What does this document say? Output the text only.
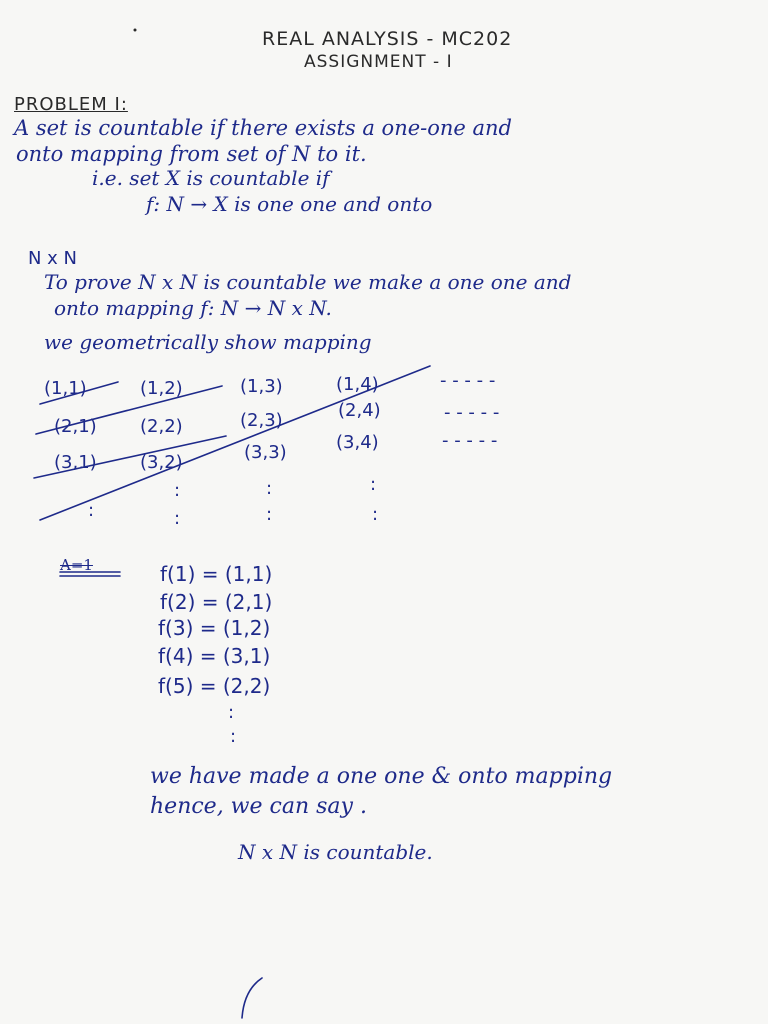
REAL ANALYSIS - MC202
ASSIGNMENT - I
PROBLEM I:
A set is countable if there exists a one-one and
onto mapping from set of N to it.
i.e. set X is countable if
f: N → X is one one and onto
N x N
To prove N x N is countable we make a one one and
onto mapping f: N → N x N.
we geometrically show mapping
(1,1)	(1,2)	(1,3)	(1,4)	- - - - -
(2,1) (2,2)	(2,3)	(2,4)	- - - - -
(3,1) (3,2)	(3,3)	(3,4)	- - - - -
:
:
:
:
:
:
:
A=1	f(1) = (1,1)
f(2) = (2,1)
f(3) = (1,2)
f(4) = (3,1)
f(5) = (2,2)
:
:
we have made a one one & onto mapping
hence, we can say .
N x N is countable.
